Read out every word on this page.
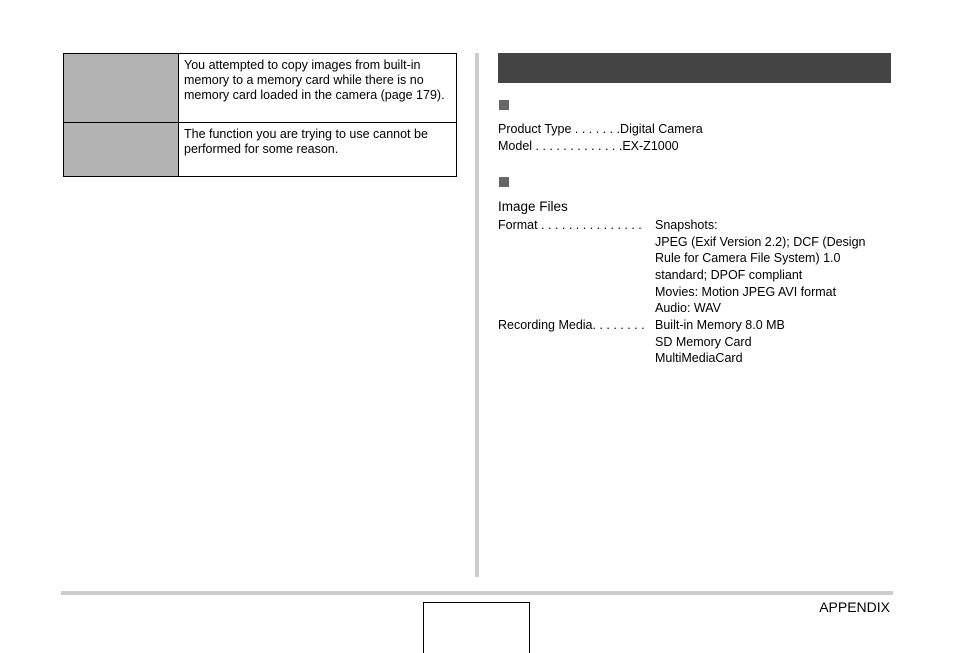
	You attempted to copy images from built-in memory to a memory card while there is no memory card loaded in the camera (page 179).
	The function you are trying to use cannot be performed for some reason.
Product Type . . . . . . .Digital Camera
Model . . . . . . . . . . . . .EX-Z1000
Image Files
Format . . . . . . . . . . . . . . . Snapshots:
JPEG (Exif Version 2.2); DCF (Design
Rule for Camera File System) 1.0
standard; DPOF compliant
Movies: Motion JPEG AVI format
Audio: WAV
Recording Media. . . . . . . . Built-in Memory 8.0 MB
SD Memory Card
MultiMediaCard
APPENDIX
